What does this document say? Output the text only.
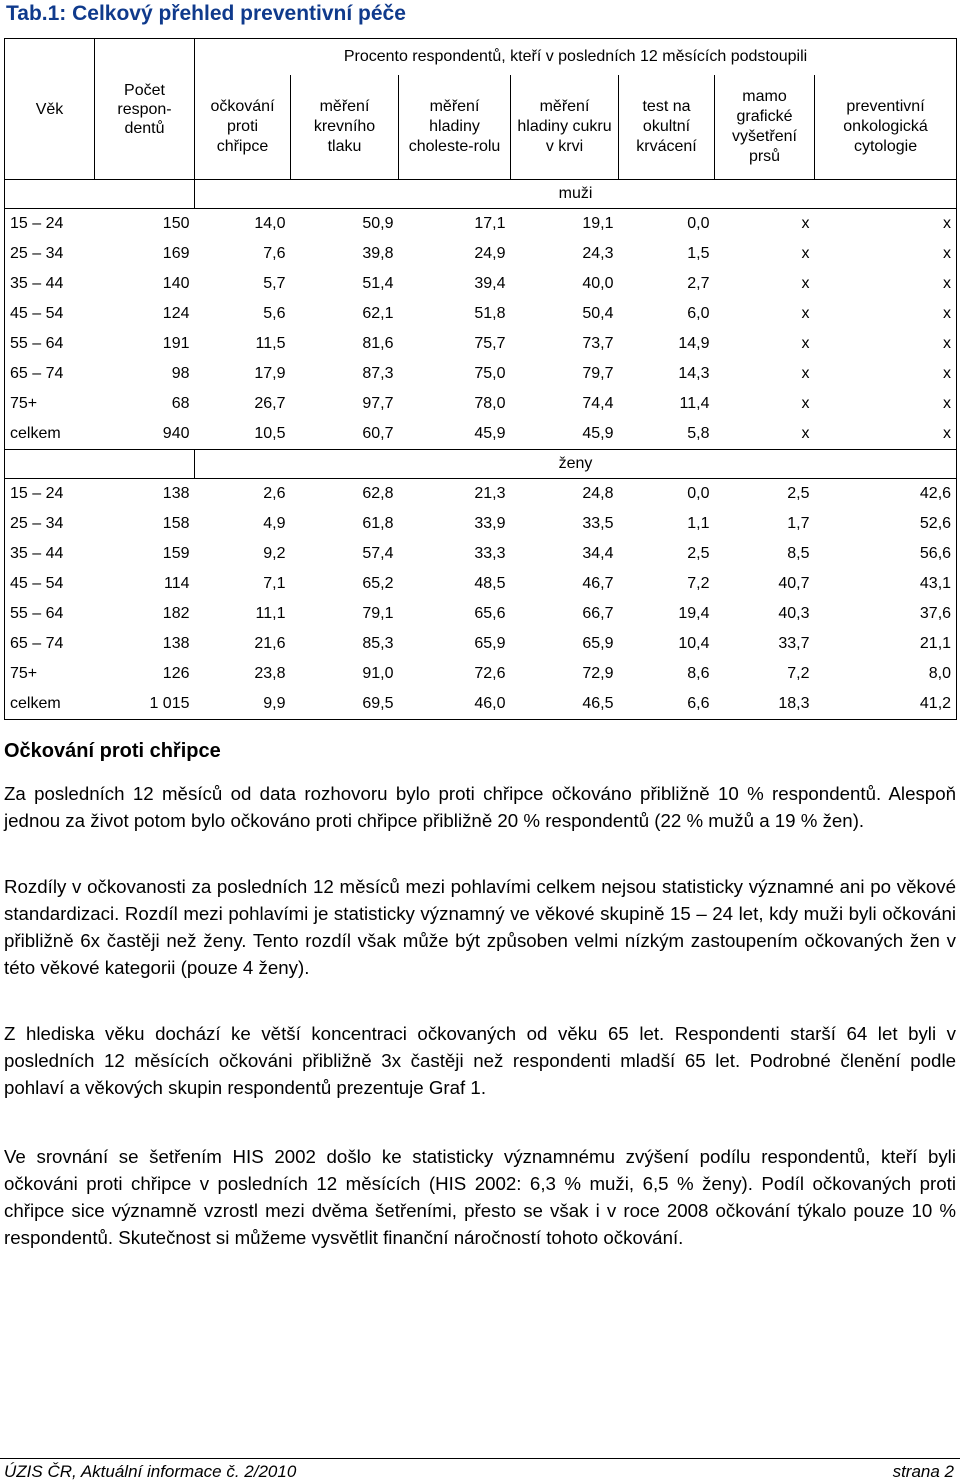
Tab.1: Celkový přehled preventivní péče
Věk	Počet respon-dentů	Procento respondentů, kteří v posledních 12 měsících podstoupili						
		očkování proti chřipce	měření krevního tlaku	měření hladiny choleste-rolu	měření hladiny cukru v krvi	test na okultní krvácení	mamo grafické vyšetření prsů	preventivní onkologická cytologie
		muži						
15 – 24	150	14,0	50,9	17,1	19,1	0,0	x	x
25 – 34	169	7,6	39,8	24,9	24,3	1,5	x	x
35 – 44	140	5,7	51,4	39,4	40,0	2,7	x	x
45 – 54	124	5,6	62,1	51,8	50,4	6,0	x	x
55 – 64	191	11,5	81,6	75,7	73,7	14,9	x	x
65 – 74	98	17,9	87,3	75,0	79,7	14,3	x	x
75+	68	26,7	97,7	78,0	74,4	11,4	x	x
celkem	940	10,5	60,7	45,9	45,9	5,8	x	x
		ženy						
15 – 24	138	2,6	62,8	21,3	24,8	0,0	2,5	42,6
25 – 34	158	4,9	61,8	33,9	33,5	1,1	1,7	52,6
35 – 44	159	9,2	57,4	33,3	34,4	2,5	8,5	56,6
45 – 54	114	7,1	65,2	48,5	46,7	7,2	40,7	43,1
55 – 64	182	11,1	79,1	65,6	66,7	19,4	40,3	37,6
65 – 74	138	21,6	85,3	65,9	65,9	10,4	33,7	21,1
75+	126	23,8	91,0	72,6	72,9	8,6	7,2	8,0
celkem	1 015	9,9	69,5	46,0	46,5	6,6	18,3	41,2
Očkování proti chřipce

Za posledních 12 měsíců od data rozhovoru bylo proti chřipce očkováno přibližně 10 % respondentů. Alespoň jednou za život potom bylo očkováno proti chřipce přibližně 20 % respondentů (22 % mužů a 19 % žen).

Rozdíly v očkovanosti za posledních 12 měsíců mezi pohlavími celkem nejsou statisticky významné ani po věkové standardizaci. Rozdíl mezi pohlavími je statisticky významný ve věkové skupině 15 – 24 let, kdy muži byli očkováni přibližně 6x častěji než ženy. Tento rozdíl však může být způsoben velmi nízkým zastoupením očkovaných žen v této věkové kategorii (pouze 4 ženy).

Z hlediska věku dochází ke větší koncentraci očkovaných od věku 65 let. Respondenti starší 64 let byli v posledních 12 měsících očkováni přibližně 3x častěji než respondenti mladší 65 let. Podrobné členění podle pohlaví a věkových skupin respondentů prezentuje Graf 1.

Ve srovnání se šetřením HIS 2002 došlo ke statisticky významnému zvýšení podílu respondentů, kteří byli očkováni proti chřipce v posledních 12 měsících (HIS 2002: 6,3 % muži, 6,5 % ženy). Podíl očkovaných proti chřipce sice významně vzrostl mezi dvěma šetřeními, přesto se však i v roce 2008 očkování týkalo pouze 10 % respondentů. Skutečnost si můžeme vysvětlit finanční náročností tohoto očkování.

ÚZIS ČR, Aktuální informace č. 2/2010	strana 2
